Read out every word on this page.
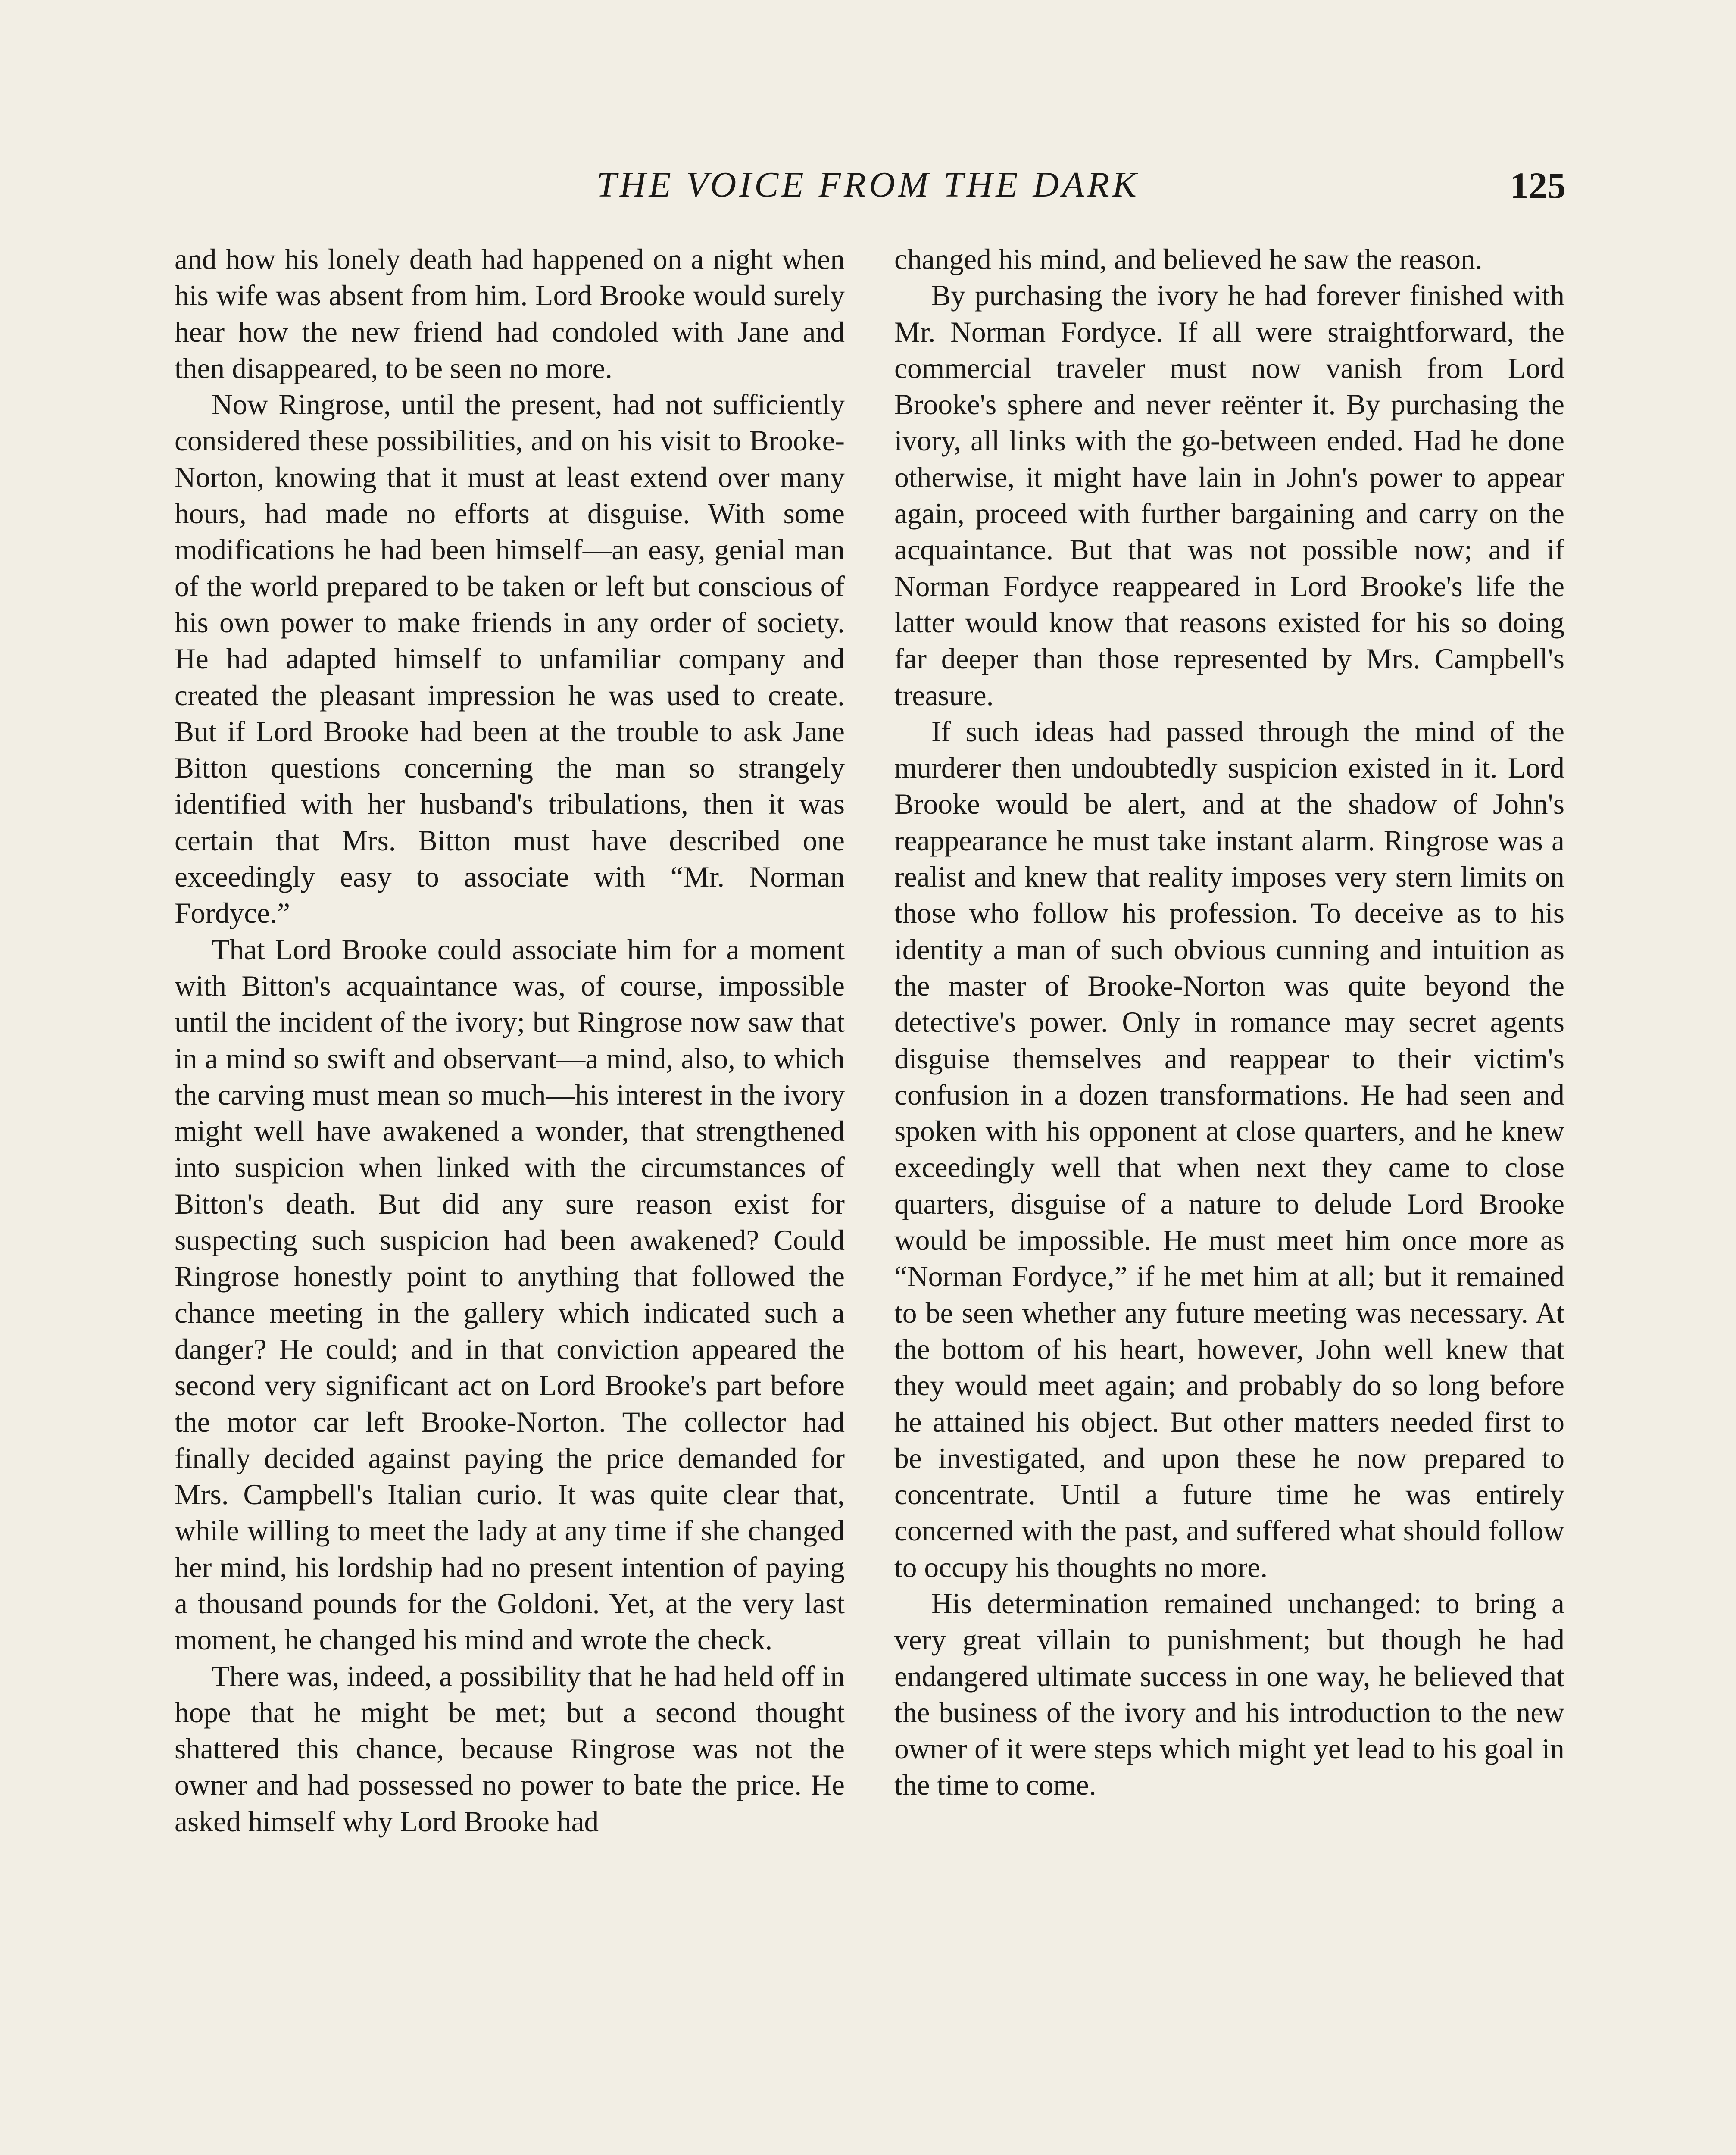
THE VOICE FROM THE DARK	125

and how his lonely death had happened on a night when his wife was absent from him. Lord Brooke would surely hear how the new friend had condoled with Jane and then disappeared, to be seen no more.

Now Ringrose, until the present, had not sufficiently considered these possibilities, and on his visit to Brooke-Norton, knowing that it must at least extend over many hours, had made no efforts at disguise. With some modifications he had been himself—an easy, genial man of the world prepared to be taken or left but conscious of his own power to make friends in any order of society. He had adapted himself to unfamiliar company and created the pleasant impression he was used to create. But if Lord Brooke had been at the trouble to ask Jane Bitton questions concerning the man so strangely identified with her husband's tribulations, then it was certain that Mrs. Bitton must have described one exceedingly easy to associate with “Mr. Norman Fordyce.”

That Lord Brooke could associate him for a moment with Bitton's acquaintance was, of course, impossible until the incident of the ivory; but Ringrose now saw that in a mind so swift and observant—a mind, also, to which the carving must mean so much—his interest in the ivory might well have awakened a wonder, that strengthened into suspicion when linked with the circumstances of Bitton's death. But did any sure reason exist for suspecting such suspicion had been awakened? Could Ringrose honestly point to anything that followed the chance meeting in the gallery which indicated such a danger? He could; and in that conviction appeared the second very significant act on Lord Brooke's part before the motor car left Brooke-Norton. The collector had finally decided against paying the price demanded for Mrs. Campbell's Italian curio. It was quite clear that, while willing to meet the lady at any time if she changed her mind, his lordship had no present intention of paying a thousand pounds for the Goldoni. Yet, at the very last moment, he changed his mind and wrote the check.

There was, indeed, a possibility that he had held off in hope that he might be met; but a second thought shattered this chance, because Ringrose was not the owner and had possessed no power to bate the price. He asked himself why Lord Brooke had

changed his mind, and believed he saw the reason.

By purchasing the ivory he had forever finished with Mr. Norman Fordyce. If all were straightforward, the commercial traveler must now vanish from Lord Brooke's sphere and never reënter it. By purchasing the ivory, all links with the go-between ended. Had he done otherwise, it might have lain in John's power to appear again, proceed with further bargaining and carry on the acquaintance. But that was not possible now; and if Norman Fordyce reappeared in Lord Brooke's life the latter would know that reasons existed for his so doing far deeper than those represented by Mrs. Campbell's treasure.

If such ideas had passed through the mind of the murderer then undoubtedly suspicion existed in it. Lord Brooke would be alert, and at the shadow of John's reappearance he must take instant alarm. Ringrose was a realist and knew that reality imposes very stern limits on those who follow his profession. To deceive as to his identity a man of such obvious cunning and intuition as the master of Brooke-Norton was quite beyond the detective's power. Only in romance may secret agents disguise themselves and reappear to their victim's confusion in a dozen transformations. He had seen and spoken with his opponent at close quarters, and he knew exceedingly well that when next they came to close quarters, disguise of a nature to delude Lord Brooke would be impossible. He must meet him once more as “Norman Fordyce,” if he met him at all; but it remained to be seen whether any future meeting was necessary. At the bottom of his heart, however, John well knew that they would meet again; and probably do so long before he attained his object. But other matters needed first to be investigated, and upon these he now prepared to concentrate. Until a future time he was entirely concerned with the past, and suffered what should follow to occupy his thoughts no more.

His determination remained unchanged: to bring a very great villain to punishment; but though he had endangered ultimate success in one way, he believed that the business of the ivory and his introduction to the new owner of it were steps which might yet lead to his goal in the time to come.
